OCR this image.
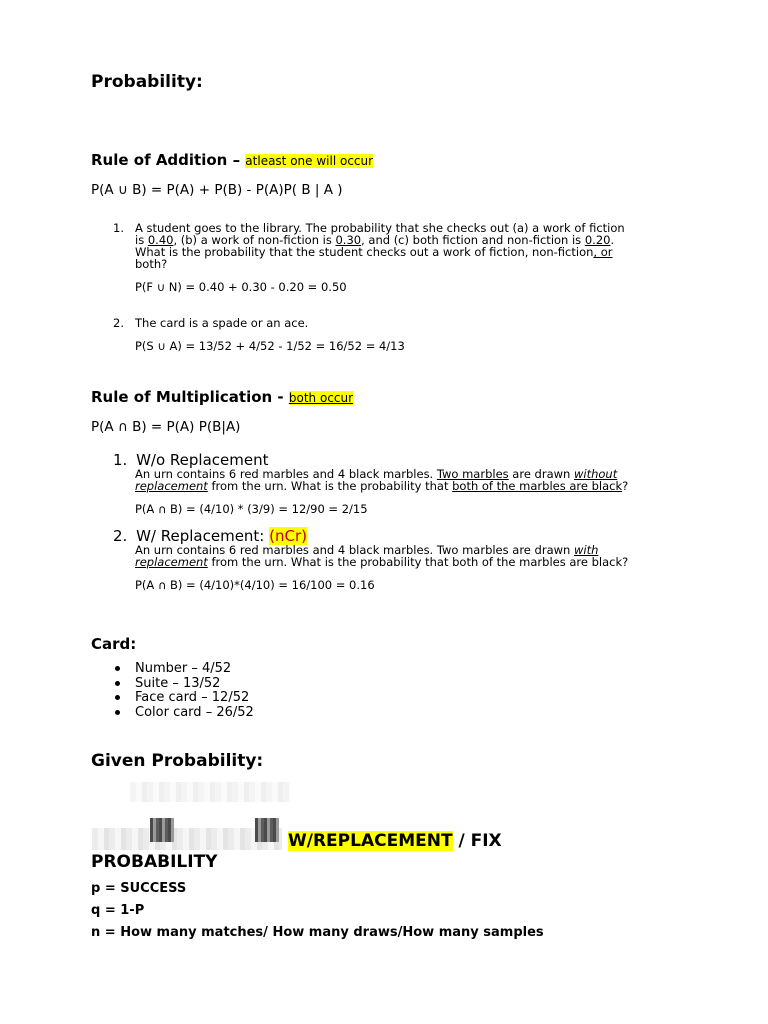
Probability:
Rule of Addition – atleast one will occur
P(A ∪ B) = P(A) + P(B) - P(A)P( B | A )
1. A student goes to the library. The probability that she checks out (a) a work of fiction
is 0.40, (b) a work of non-fiction is 0.30, and (c) both fiction and non-fiction is 0.20.
What is the probability that the student checks out a work of fiction, non-fiction, or
both?
P(F ∪ N) = 0.40 + 0.30 - 0.20 = 0.50
2. The card is a spade or an ace.
P(S ∪ A) = 13/52 + 4/52 - 1/52 = 16/52 = 4/13
Rule of Multiplication - both occur
P(A ∩ B) = P(A) P(B|A)
1. W/o Replacement
An urn contains 6 red marbles and 4 black marbles. Two marbles are drawn without
replacement from the urn. What is the probability that both of the marbles are black?
P(A ∩ B) = (4/10) * (3/9) = 12/90 = 2/15
2. W/ Replacement: (nCr)
An urn contains 6 red marbles and 4 black marbles. Two marbles are drawn with
replacement from the urn. What is the probability that both of the marbles are black?
P(A ∩ B) = (4/10)*(4/10) = 16/100 = 0.16
Card:
Number – 4/52
Suite – 13/52
Face card – 12/52
Color card – 26/52
Given Probability:
W/REPLACEMENT / FIX
PROBABILITY
p = SUCCESS
q = 1-P
n = How many matches/ How many draws/How many samples
